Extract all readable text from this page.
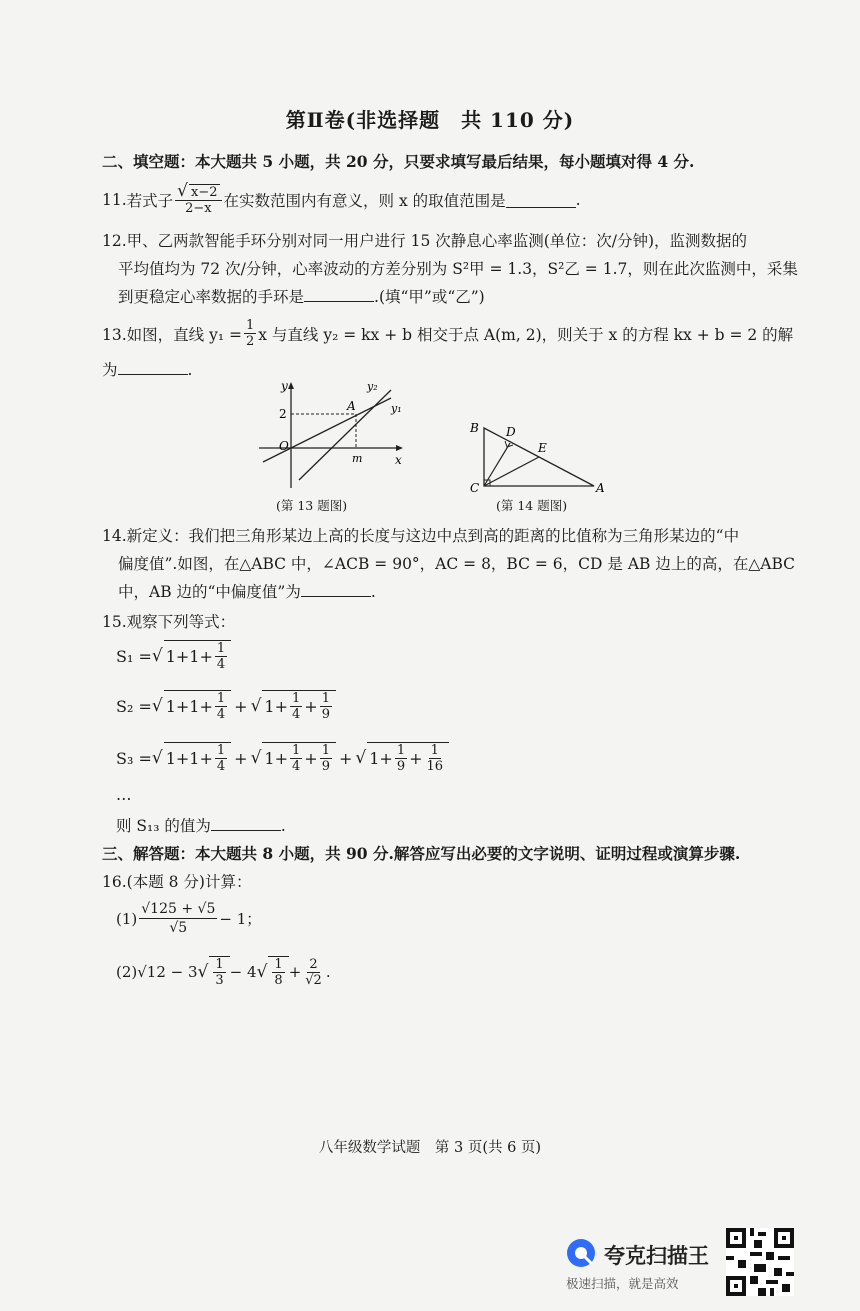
第Ⅱ卷(非选择题　共 110 分)
二、填空题：本大题共 5 小题，共 20 分，只要求填写最后结果，每小题填对得 4 分.
11. 若式子 $\frac{√ x-2}{2-x}$ 在实数范围内有意义，则 x 的取值范围是	.
12.甲、乙两款智能手环分别对同一用户进行 15 次静息心率监测(单位：次/分钟)，监测数据的
平均值均为 72 次/分钟，心率波动的方差分别为 S²甲 = 1.3，S²乙 = 1.7，则在此次监测中，采集
到更稳定心率数据的手环是	.(填“甲”或“乙”)
13.如图，直线 $y_1 = \frac{1}{2}$ x 与直线 y₂ = kx + b 相交于点 A(m, 2)，则关于 x 的方程 kx + b = 2 的解
为	.
y
x
O
2
m
A	y₁
y₂
(第 13 题图)
B D
E
C	A
(第 14 题图)
14.新定义：我们把三角形某边上高的长度与这边中点到高的距离的比值称为三角形某边的“中
偏度值”.如图，在△ABC 中，∠ACB = 90°，AC = 8，BC = 6，CD 是 AB 边上的高，在△ABC
中，AB 边的“中偏度值”为	.
15.观察下列等式：
S₁ = √ $1+1+ \frac{1}{4}$
S₂ = √ $1+1+ \frac{1}{4}$ + √ $1+ \frac{1}{4} + \frac{1}{9}$
S₃ = √ $1+1+ \frac{1}{4}$ + √ $1+ \frac{1}{4} + \frac{1}{9}$ + √ $1+ \frac{1}{9} + \frac{1}{16}$
…
则 S₁₃ 的值为	.
三、解答题：本大题共 8 小题，共 90 分.解答应写出必要的文字说明、证明过程或演算步骤.
16.(本题 8 分)计算：
$(1) \frac{√125 + √5}{√5} - 1$；
(2) √12 − 3 √ $\frac{1}{3} - 4$ √ $\frac{1}{8} + \frac{2}{√2}$ .
八年级数学试题　第 3 页(共 6 页)
夸克扫描王
极速扫描，就是高效
